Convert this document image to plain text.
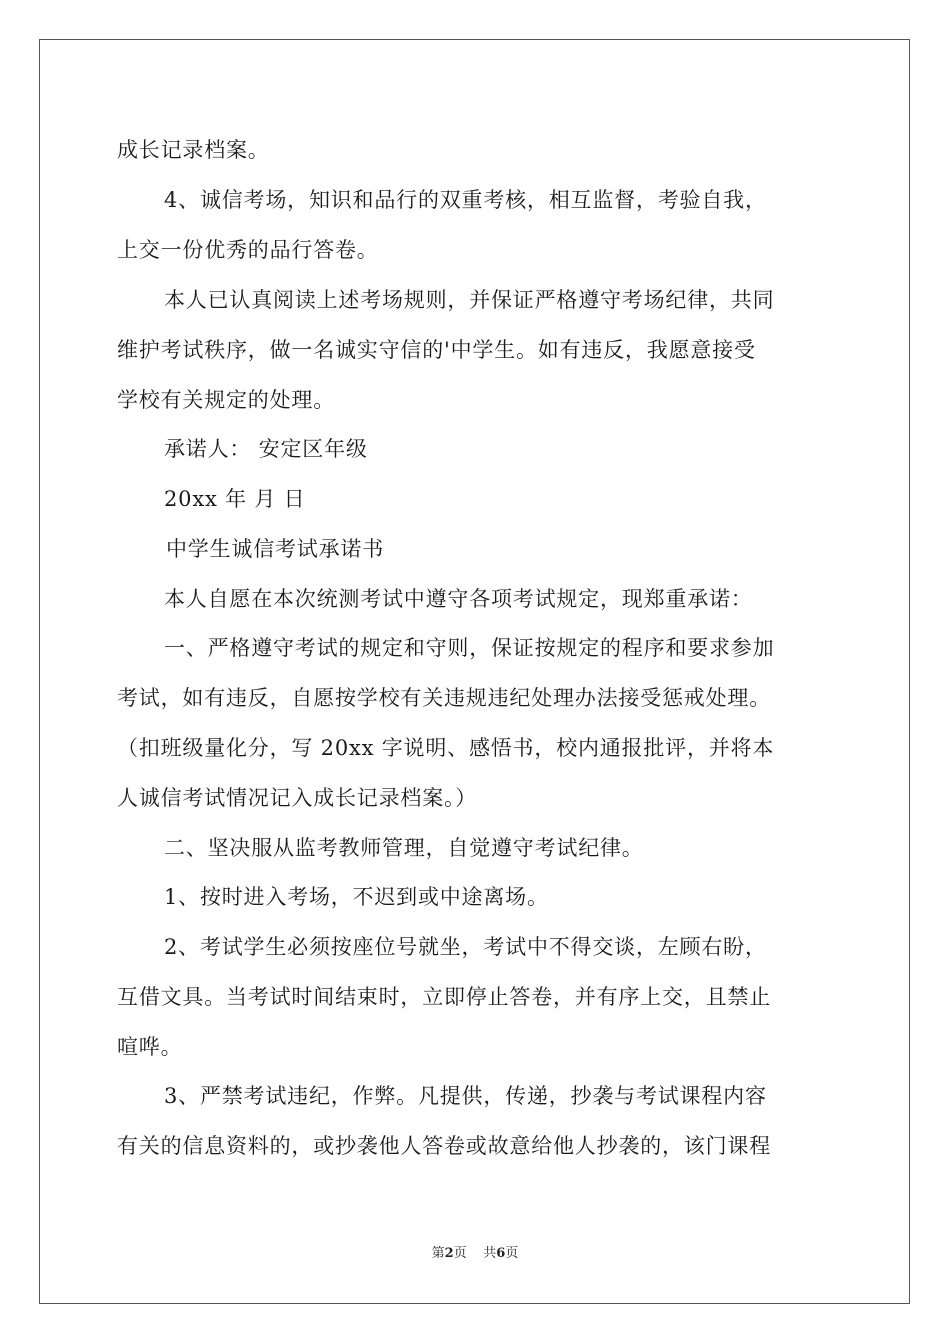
成长记录档案。
4、诚信考场，知识和品行的双重考核，相互监督，考验自我，
上交一份优秀的品行答卷。
本人已认真阅读上述考场规则，并保证严格遵守考场纪律，共同
维护考试秩序，做一名诚实守信的'中学生。如有违反，我愿意接受
学校有关规定的处理。
承诺人： 安定区年级
20xx 年 月 日
中学生诚信考试承诺书
本人自愿在本次统测考试中遵守各项考试规定，现郑重承诺：
一、严格遵守考试的规定和守则，保证按规定的程序和要求参加
考试，如有违反，自愿按学校有关违规违纪处理办法接受惩戒处理。
（扣班级量化分，写 20xx 字说明、感悟书，校内通报批评，并将本
人诚信考试情况记入成长记录档案。）
二、坚决服从监考教师管理，自觉遵守考试纪律。
1、按时进入考场，不迟到或中途离场。
2、考试学生必须按座位号就坐，考试中不得交谈，左顾右盼，
互借文具。当考试时间结束时，立即停止答卷，并有序上交，且禁止
喧哗。
3、严禁考试违纪，作弊。凡提供，传递，抄袭与考试课程内容
有关的信息资料的，或抄袭他人答卷或故意给他人抄袭的，该门课程
第2页 共6页
